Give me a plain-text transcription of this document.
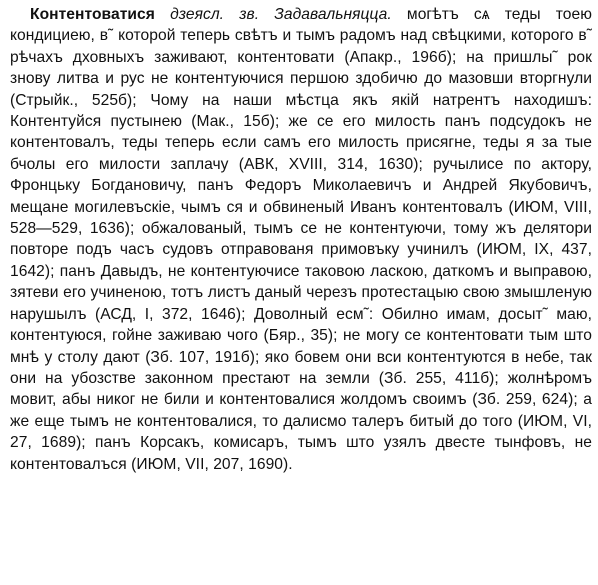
Контентоватися дзеясл. зв. Задавальняцца. могѣтъ сѧ теды тоею кондициею, в˜ которой теперь свѣтъ и тымъ радомъ над свѣцкими, которого в˜ рѣчахъ дховныхъ заживают, контентовати (Апакр., 196б); на пришлы˜ рок знову литва и рус не контентуючися першою здобичю до мазовши вторгнули (Стрыйк., 525б); Чому на наши мѣстца якъ якій натрентъ находишъ: Контентуйся пустынею (Мак., 15б); же се его милость панъ подсудокъ не контентовалъ, теды теперь если самъ его милость присягне, теды я за тые бчолы его милости заплачу (АВК, XVIII, 314, 1630); ручылисе по актору, Фронцьку Богдановичу, панъ Федоръ Миколаевичъ и Андрей Якубовичъ, мещане могилевъскіе, чымъ ся и обвиненый Иванъ контентовалъ (ИЮМ, VIII, 528—529, 1636); обжалованый, тымъ се не контентуючи, тому жъ делятори повторе подъ часъ судовъ отправованя примовъку учинилъ (ИЮМ, IX, 437, 1642); панъ Давыдъ, не контентуючисе таковою ласкою, даткомъ и выправою, зятеви его учиненою, тотъ листъ даный черезъ протестацыю свою змышленую нарушылъ (АСД, I, 372, 1646); Доволный есм˜: Обилно имам, досыт˜ маю, контентуюся, гойне заживаю чого (Бяр., 35); не могу се контентовати тым што мнѣ у столу дают (Зб. 107, 191б); яко бовем они вси контентуются в небе, так они на убозстве законном престают на земли (Зб. 255, 411б); жолнѣромъ мовит, абы никог не били и контентовалися жолдомъ своимъ (Зб. 259, 624); а же еще тымъ не контентовалися, то далисмо талеръ битый до того (ИЮМ, VI, 27, 1689); панъ Корсакъ, комисаръ, тымъ што узялъ двесте тынфовъ, не контентовалъся (ИЮМ, VII, 207, 1690).
